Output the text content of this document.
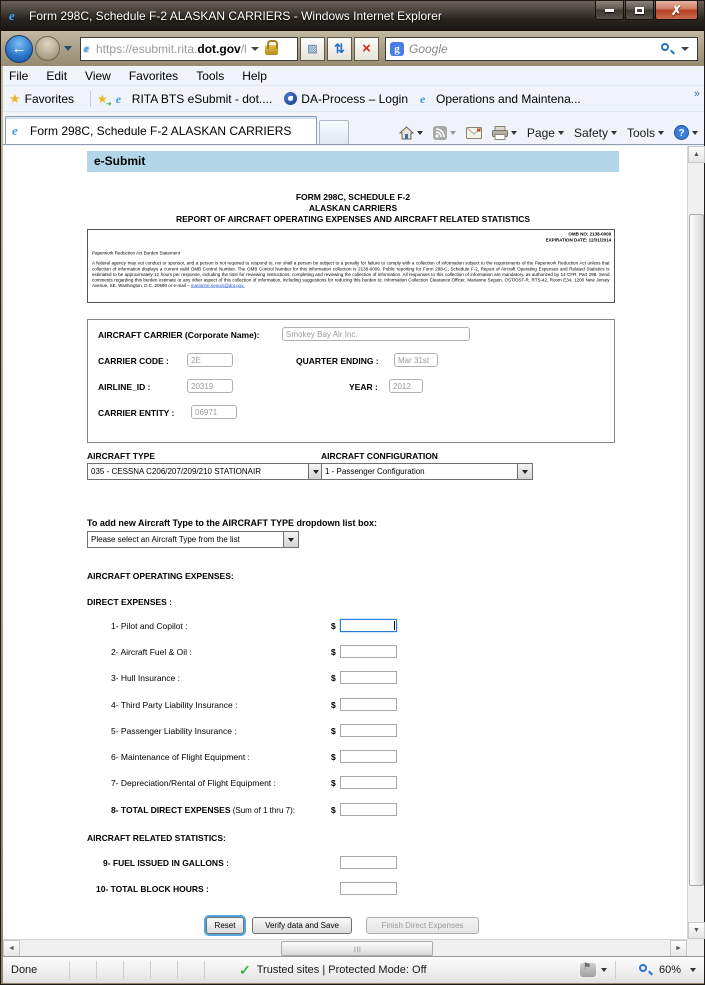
e	Form 298C, Schedule F-2 ALASKAN CARRIERS - Windows Internet Explorer	✗
← →	e https://esubmit.rita.dot.gov/l	▨ ⇅ ×	g
Google
File Edit View Favorites Tools Help
★ Favorites ★ ➜ e RITA BTS eSubmit - dot.... DA-Process – Login e Operations and Maintena...	»
e	Form 298C, Schedule F-2 ALASKAN CARRIERS	Page Safety Tools ?
e-Submit
FORM 298C, SCHEDULE F-2
ALASKAN CARRIERS
REPORT OF AIRCRAFT OPERATING EXPENSES AND AIRCRAFT RELATED STATISTICS
OMB NO: 2138-0009
EXPIRATION DATE: 12/31/2014
Paperwork Reduction Act Burden Statement
A federal agency may not conduct or sponsor, and a person is not required to respond to, nor shall a person be subject to a penalty for failure to comply with a collection of information subject to the requirements of the Paperwork Reduction Act unless that collection of information displays a current valid OMB Control Number. The OMB Control Number for this information collection is 2138-0009. Public reporting for Form 298-C, Schedule F-2, Report of Aircraft Operating Expenses and Related Statistics is estimated to be approximately 12 hours per response, including the time for reviewing instructions, completing and reviewing the collection of information. All responses to this collection of information are mandatory, as authorized by 14 CFR, Part 298. Send comments regarding this burden estimate or any other aspect of this collection of information, including suggestions for reducing this burden to: Information Collection Clearance Officer, Marianne Seguin, OST/OST-R, RTS-42, Room E34, 1200 New Jersey Avenue, SE, Washington, D.C. 20590 or e-mail – marianne.seguin@dot.gov.
AIRCRAFT CARRIER (Corporate Name):
Smokey Bay Air Inc.
CARRIER CODE :
2E	QUARTER ENDING :
Mar 31st
AIRLINE_ID :
20319	YEAR :
2012
CARRIER ENTITY :
06971
AIRCRAFT TYPE
035 - CESSNA C206/207/209/210 STATIONAIR
AIRCRAFT CONFIGURATION
1 - Passenger Configuration
To add new Aircraft Type to the AIRCRAFT TYPE dropdown list box:
Please select an Aircraft Type from the list
AIRCRAFT OPERATING EXPENSES:
DIRECT EXPENSES :
1- Pilot and Copilot :	$
2- Aircraft Fuel & Oil :	$
3- Hull Insurance :	$
4- Third Party Liability Insurance :	$
5- Passenger Liability Insurance :	$
6- Maintenance of Flight Equipment :	$
7- Depreciation/Rental of Flight Equipment :	$
8- TOTAL DIRECT EXPENSES (Sum of 1 thru 7):	$
AIRCRAFT RELATED STATISTICS:
9- FUEL ISSUED IN GALLONS :
10- TOTAL BLOCK HOURS :
Reset	Verify data and Save	Finish Direct Expenses
▲
▼
◄ ☰	►
Done	✓ Trusted sites | Protected Mode: Off ⚑	60%
